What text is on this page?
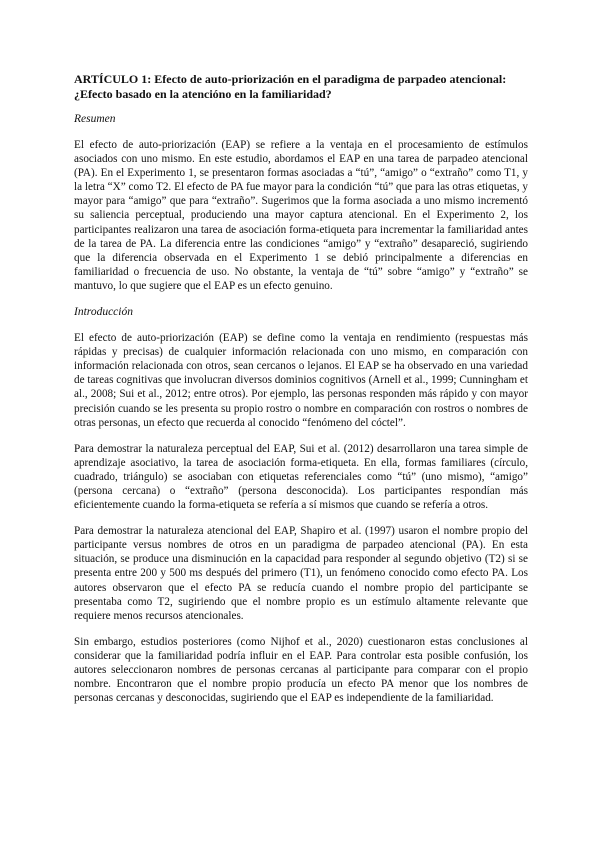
ARTÍCULO 1: Efecto de auto-priorización en el paradigma de parpadeo atencional: ¿Efecto basado en la atencióno en la familiaridad?

Resumen

El efecto de auto-priorización (EAP) se refiere a la ventaja en el procesamiento de estímulos asociados con uno mismo. En este estudio, abordamos el EAP en una tarea de parpadeo atencional (PA). En el Experimento 1, se presentaron formas asociadas a “tú”, “amigo” o “extraño” como T1, y la letra “X” como T2. El efecto de PA fue mayor para la condición “tú” que para las otras etiquetas, y mayor para “amigo” que para “extraño”. Sugerimos que la forma asociada a uno mismo incrementó su saliencia perceptual, produciendo una mayor captura atencional. En el Experimento 2, los participantes realizaron una tarea de asociación forma-etiqueta para incrementar la familiaridad antes de la tarea de PA. La diferencia entre las condiciones “amigo” y “extraño” desapareció, sugiriendo que la diferencia observada en el Experimento 1 se debió principalmente a diferencias en familiaridad o frecuencia de uso. No obstante, la ventaja de “tú” sobre “amigo” y “extraño” se mantuvo, lo que sugiere que el EAP es un efecto genuino.

Introducción

El efecto de auto-priorización (EAP) se define como la ventaja en rendimiento (respuestas más rápidas y precisas) de cualquier información relacionada con uno mismo, en comparación con información relacionada con otros, sean cercanos o lejanos. El EAP se ha observado en una variedad de tareas cognitivas que involucran diversos dominios cognitivos (Arnell et al., 1999; Cunningham et al., 2008; Sui et al., 2012; entre otros). Por ejemplo, las personas responden más rápido y con mayor precisión cuando se les presenta su propio rostro o nombre en comparación con rostros o nombres de otras personas, un efecto que recuerda al conocido “fenómeno del cóctel”.

Para demostrar la naturaleza perceptual del EAP, Sui et al. (2012) desarrollaron una tarea simple de aprendizaje asociativo, la tarea de asociación forma-etiqueta. En ella, formas familiares (círculo, cuadrado, triángulo) se asociaban con etiquetas referenciales como “tú” (uno mismo), “amigo” (persona cercana) o “extraño” (persona desconocida). Los participantes respondían más eficientemente cuando la forma-etiqueta se refería a sí mismos que cuando se refería a otros.

Para demostrar la naturaleza atencional del EAP, Shapiro et al. (1997) usaron el nombre propio del participante versus nombres de otros en un paradigma de parpadeo atencional (PA). En esta situación, se produce una disminución en la capacidad para responder al segundo objetivo (T2) si se presenta entre 200 y 500 ms después del primero (T1), un fenómeno conocido como efecto PA. Los autores observaron que el efecto PA se reducía cuando el nombre propio del participante se presentaba como T2, sugiriendo que el nombre propio es un estímulo altamente relevante que requiere menos recursos atencionales.

Sin embargo, estudios posteriores (como Nijhof et al., 2020) cuestionaron estas conclusiones al considerar que la familiaridad podría influir en el EAP. Para controlar esta posible confusión, los autores seleccionaron nombres de personas cercanas al participante para comparar con el propio nombre. Encontraron que el nombre propio producía un efecto PA menor que los nombres de personas cercanas y desconocidas, sugiriendo que el EAP es independiente de la familiaridad.
